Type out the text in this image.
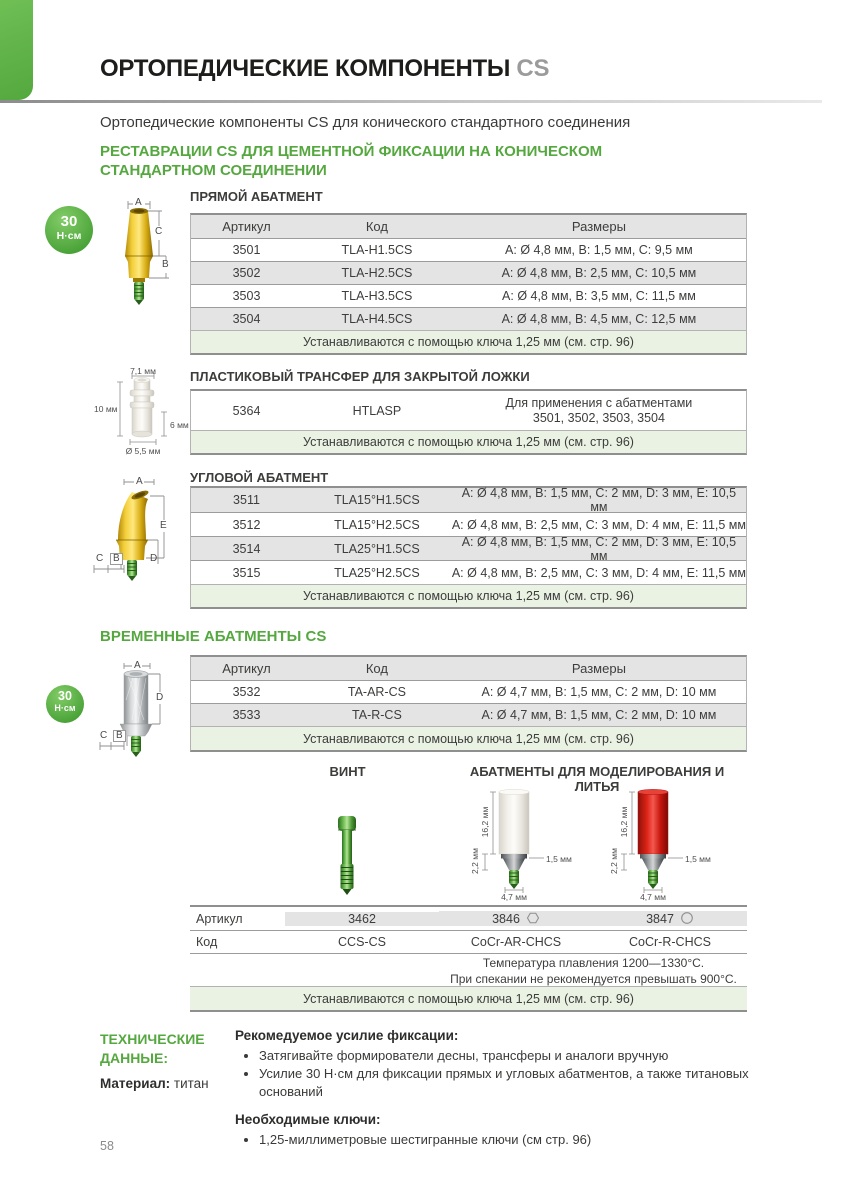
ОРТОПЕДИЧЕСКИЕ КОМПОНЕНТЫ CS
Ортопедические компоненты CS для конического стандартного соединения
РЕСТАВРАЦИИ CS ДЛЯ ЦЕМЕНТНОЙ ФИКСАЦИИ НА КОНИЧЕСКОМ
СТАНДАРТНОМ СОЕДИНЕНИИ
30
Н·см
A
C
B
ПРЯМОЙ АБАТМЕНТ
Артикул	Код	Размеры
3501	TLA-H1.5CS	A: Ø 4,8 мм, B: 1,5 мм, C: 9,5 мм
3502	TLA-H2.5CS	A: Ø 4,8 мм, B: 2,5 мм, C: 10,5 мм
3503	TLA-H3.5CS	A: Ø 4,8 мм, B: 3,5 мм, C: 11,5 мм
3504	TLA-H4.5CS	A: Ø 4,8 мм, B: 4,5 мм, C: 12,5 мм
Устанавливаются с помощью ключа 1,25 мм (см. стр. 96)
7,1 мм
10 мм
6 мм
Ø 5,5 мм
ПЛАСТИКОВЫЙ ТРАНСФЕР ДЛЯ ЗАКРЫТОЙ ЛОЖКИ
5364	HTLASP
Для применения с абатментами
3501, 3502, 3503, 3504
Устанавливаются с помощью ключа 1,25 мм (см. стр. 96)
A
E
C B	D
УГЛОВОЙ АБАТМЕНТ
3511	TLA15°H1.5CS	A: Ø 4,8 мм, B: 1,5 мм, C: 2 мм, D: 3 мм, E: 10,5 мм
3512	TLA15°H2.5CS	A: Ø 4,8 мм, B: 2,5 мм, C: 3 мм, D: 4 мм, E: 11,5 мм
3514	TLA25°H1.5CS	A: Ø 4,8 мм, B: 1,5 мм, C: 2 мм, D: 3 мм, E: 10,5 мм
3515	TLA25°H2.5CS	A: Ø 4,8 мм, B: 2,5 мм, C: 3 мм, D: 4 мм, E: 11,5 мм
Устанавливаются с помощью ключа 1,25 мм (см. стр. 96)
ВРЕМЕННЫЕ АБАТМЕНТЫ CS
30
Н·см
A
D
C B
Артикул	Код	Размеры
3532	TA-AR-CS	A: Ø 4,7 мм, B: 1,5 мм, C: 2 мм, D: 10 мм
3533	TA-R-CS	A: Ø 4,7 мм, B: 1,5 мм, C: 2 мм, D: 10 мм
Устанавливаются с помощью ключа 1,25 мм (см. стр. 96)
ВИНТ	АБАТМЕНТЫ ДЛЯ МОДЕЛИРОВАНИЯ И ЛИТЬЯ
16,2 мм
2,2 мм	1,5 мм
4,7 мм
16,2 мм
2,2 мм	1,5 мм
4,7 мм
Артикул	3462	3846	3847
Код	CCS-CS	CoCr-AR-CHCS	CoCr-R-CHCS
Температура плавления 1200—1330°С.
При спекании не рекомендуется превышать 900°С.
Устанавливаются с помощью ключа 1,25 мм (см. стр. 96)
ТЕХНИЧЕСКИЕ ДАННЫЕ:
Материал: титан
Рекомедуемое усилие фиксации:
• Затягивайте формирователи десны, трансферы и аналоги вручную
• Усилие 30 Н·см для фиксации прямых и угловых абатментов, а также титановых оснований
Необходимые ключи:
• 1,25-миллиметровые шестигранные ключи (см стр. 96)
58
